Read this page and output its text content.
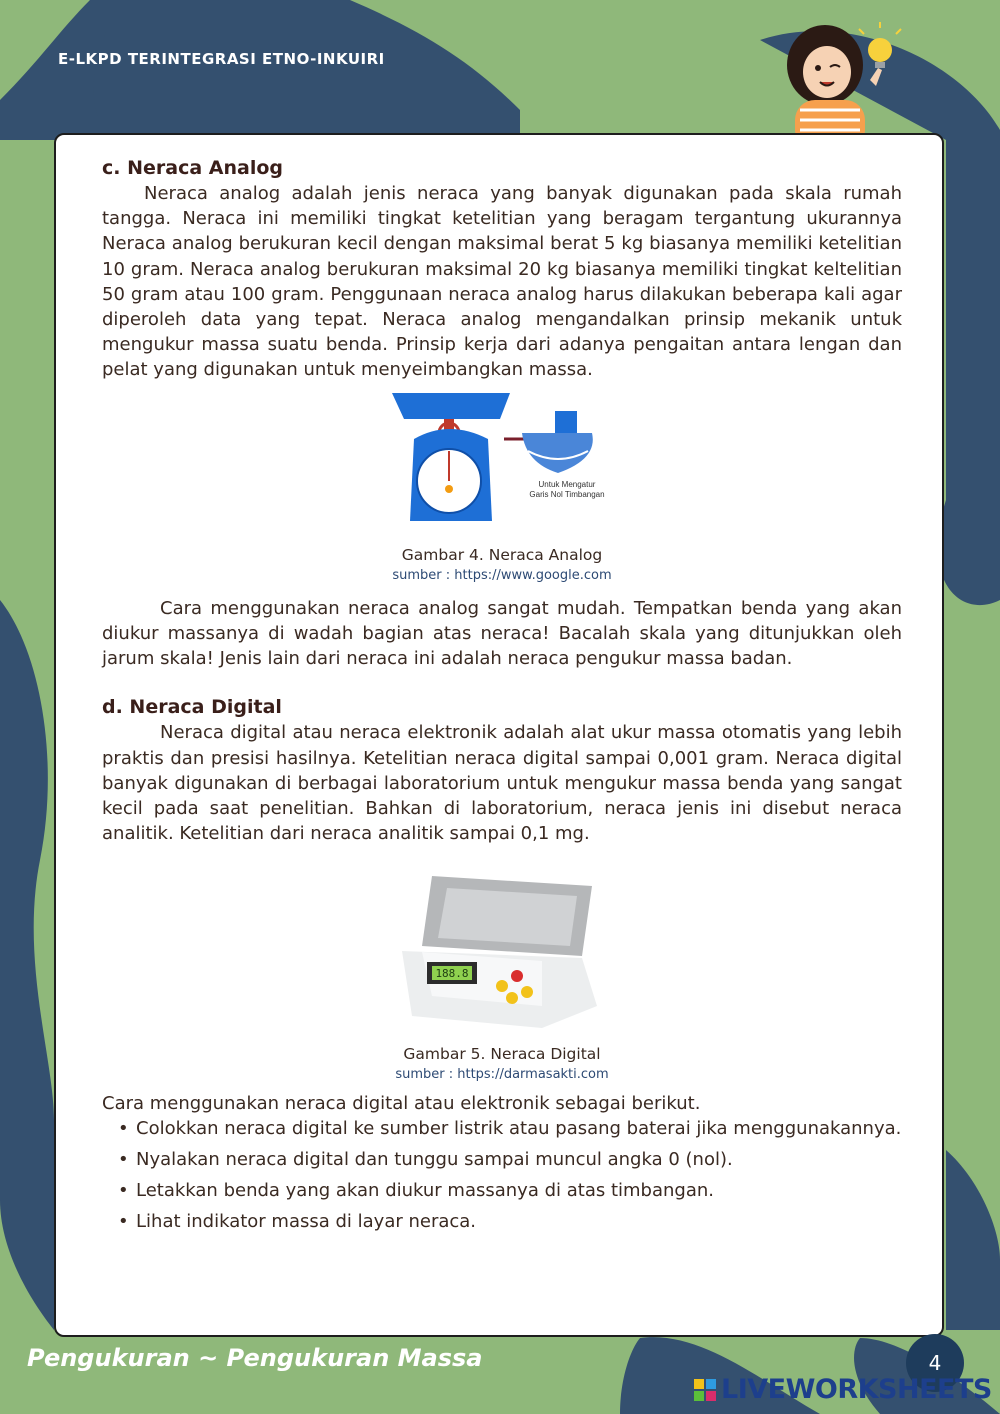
E-LKPD TERINTEGRASI ETNO-INKUIRI
c. Neraca Analog

Neraca analog adalah jenis neraca yang banyak digunakan pada skala rumah tangga. Neraca ini memiliki tingkat ketelitian yang beragam tergantung ukurannya Neraca analog berukuran kecil dengan maksimal berat 5 kg biasanya memiliki ketelitian 10 gram. Neraca analog berukuran maksimal 20 kg biasanya memiliki tingkat keltelitian 50 gram atau 100 gram. Penggunaan neraca analog harus dilakukan beberapa kali agar diperoleh data yang tepat. Neraca analog mengandalkan prinsip mekanik untuk mengukur massa suatu benda. Prinsip kerja dari adanya pengaitan antara lengan dan pelat yang digunakan untuk menyeimbangkan massa.

Untuk Mengatur
Garis Nol Timbangan
Gambar 4. Neraca Analog
sumber : https://www.google.com

Cara menggunakan neraca analog sangat mudah. Tempatkan benda yang akan diukur massanya di wadah bagian atas neraca! Bacalah skala yang ditunjukkan oleh jarum skala! Jenis lain dari neraca ini adalah neraca pengukur massa badan.

d. Neraca Digital

Neraca digital atau neraca elektronik adalah alat ukur massa otomatis yang lebih praktis dan presisi hasilnya. Ketelitian neraca digital sampai 0,001 gram. Neraca digital banyak digunakan di berbagai laboratorium untuk mengukur massa benda yang sangat kecil pada saat penelitian. Bahkan di laboratorium, neraca jenis ini disebut neraca analitik. Ketelitian dari neraca analitik sampai 0,1 mg.

188.8
Gambar 5. Neraca Digital
sumber : https://darmasakti.com

Cara menggunakan neraca digital atau elektronik sebagai berikut.

• Colokkan neraca digital ke sumber listrik atau pasang baterai jika menggunakannya.
• Nyalakan neraca digital dan tunggu sampai muncul angka 0 (nol).
• Letakkan benda yang akan diukur massanya di atas timbangan.
• Lihat indikator massa di layar neraca.
Pengukuran ~ Pengukuran Massa	4
LIVEWORKSHEETS
